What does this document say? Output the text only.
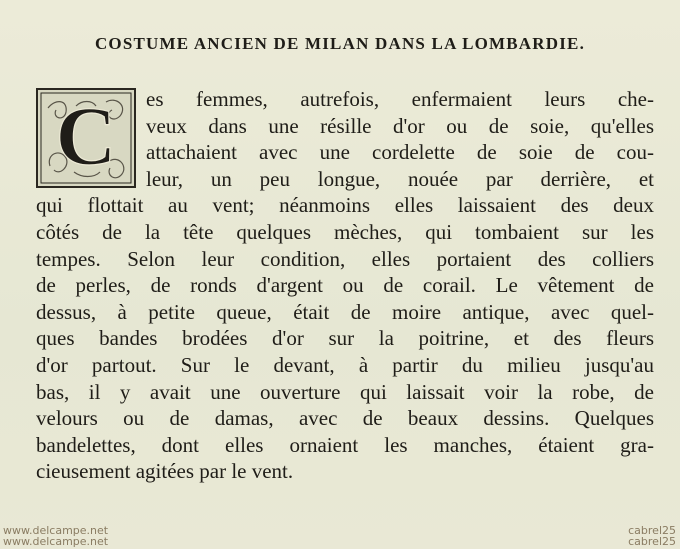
COSTUME ANCIEN DE MILAN DANS LA LOMBARDIE.
C	es femmes, autrefois, enfermaient leurs che-
veux dans une résille d'or ou de soie, qu'elles
attachaient avec une cordelette de soie de cou-
leur, un peu longue, nouée par derrière, et
qui flottait au vent; néanmoins elles laissaient des deux
côtés de la tête quelques mèches, qui tombaient sur les
tempes. Selon leur condition, elles portaient des colliers
de perles, de ronds d'argent ou de corail. Le vêtement de
dessus, à petite queue, était de moire antique, avec quel-
ques bandes brodées d'or sur la poitrine, et des fleurs
d'or partout. Sur le devant, à partir du milieu jusqu'au
bas, il y avait une ouverture qui laissait voir la robe, de
velours ou de damas, avec de beaux dessins. Quelques
bandelettes, dont elles ornaient les manches, étaient gra-
cieusement agitées par le vent.
www.delcampe.net
www.delcampe.net
cabrel25
cabrel25
